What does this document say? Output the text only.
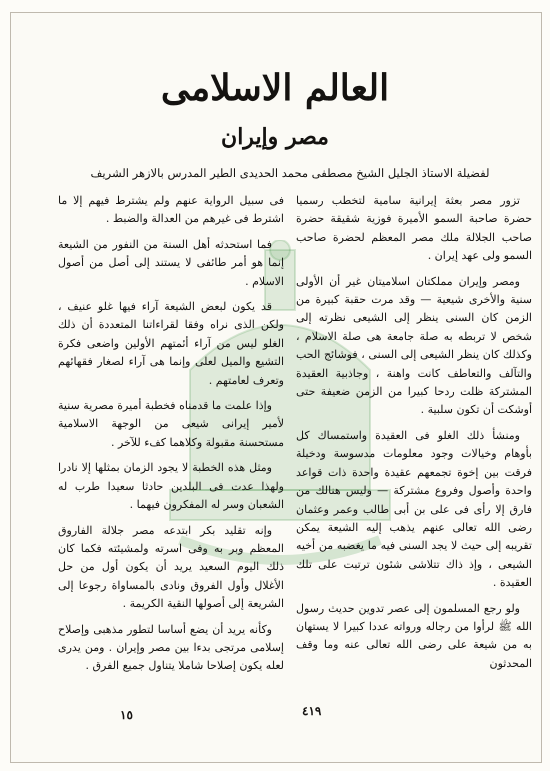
العالم الاسلامى
مصر وإيران
لفضيلة الاستاذ الجليل الشيخ مصطفى محمد الحديدى الطير المدرس بالازهر الشريف

تزور مصر بعثة إيرانية سامية لتخطب رسميا حضرة صاحبة السمو الأميرة فوزية شقيقة حضرة صاحب الجلالة ملك مصر المعظم لحضرة صاحب السمو ولى عهد إيران .

ومصر وإيران مملكتان اسلاميتان غير أن الأولى سنية والأخرى شيعية — وقد مرت حقبة كبيرة من الزمن كان السنى ينظر إلى الشيعى نظرته إلى شخص لا تربطه به صلة جامعة هى صلة الاسلام ، وكذلك كان ينظر الشيعى إلى السنى ، فوشائج الحب والتآلف والتعاطف كانت واهنة ، وجاذبية العقيدة المشتركة ظلت ردحا كبيرا من الزمن ضعيفة حتى أوشكت أن تكون سلبية .

ومنشأ ذلك الغلو فى العقيدة واستمساك كل بأوهام وخيالات وجود معلومات مدسوسة ودخيلة فرقت بين إخوة تجمعهم عقيدة واحدة ذات قواعد واحدة وأصول وفروع مشتركة — وليس هنالك من فارق إلا رأى فى على بن أبى طالب وعمر وعثمان رضى الله تعالى عنهم يذهب إليه الشيعة يمكن تقريبه إلى حيث لا يجد السنى فيه ما يغضبه من أخيه الشيعى ، وإذ ذاك تتلاشى شئون ترتبت على تلك العقيدة .

ولو رجع المسلمون إلى عصر تدوين حديث رسول الله ﷺ لرأوا من رجاله ورواته عددا كبيرا لا يستهان به من شيعة على رضى الله تعالى عنه وما وقف المحدثون

فى سبيل الرواية عنهم ولم يشترط فيهم إلا ما اشترط فى غيرهم من العدالة والضبط .

فما استحدثه أهل السنة من النفور من الشيعة إنما هو أمر طائفى لا يستند إلى أصل من أصول الاسلام .

قد يكون لبعض الشيعة آراء فيها غلو عنيف ، ولكن الذى نراه وفقا لقراءاتنا المتعددة أن ذلك الغلو ليس من آراء أئمتهم الأولين واضعى فكرة التشيع والميل لعلى وإنما هى آراء لصغار فقهائهم وتعرف لعامتهم .

وإذا علمت ما قدمناه فخطبة أميرة مصرية سنية لأمير إيرانى شيعى من الوجهة الاسلامية مستحسنة مقبولة وكلاهما كفء للآخر .

ومثل هذه الخطبة لا يجود الزمان بمثلها إلا نادرا ولهذا عدت فى البلدين حادثا سعيدا طرب له الشعبان وسر له المفكرون فيهما .

وإنه تقليد بكر ابتدعه مصر جلالة الفاروق المعظم وبر به وفى اسرته ولمشيئته فكما كان ذلك اليوم السعيد يريد أن يكون أول من حل الأغلال وأول الفروق ونادى بالمساواة رجوعا إلى الشريعة إلى أصولها النقية الكريمة .

وكأنه يريد أن يضع أساسا لتطور مذهبى وإصلاح إسلامى مرتجى بدءا بين مصر وإيران . ومن يدرى لعله يكون إصلاحا شاملا يتناول جميع الفرق .

١٥	٤١٩
